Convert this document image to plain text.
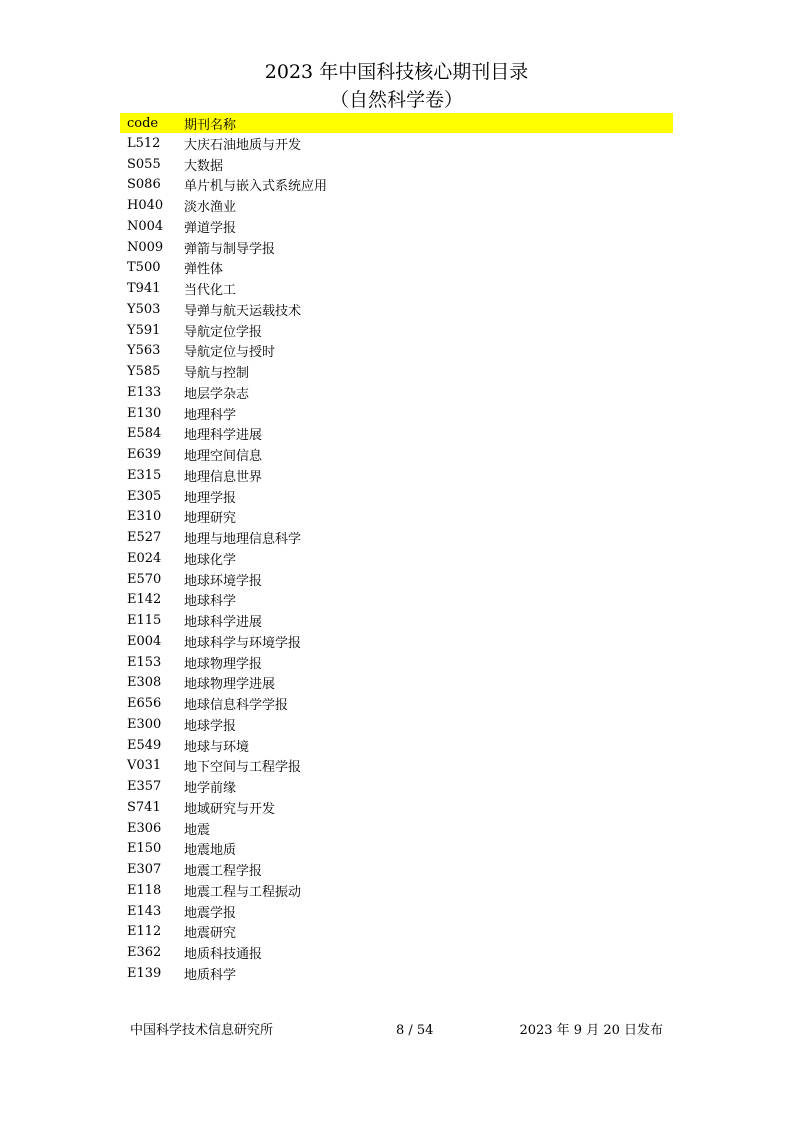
2023 年中国科技核心期刊目录
（自然科学卷）
code	期刊名称
L512	大庆石油地质与开发
S055	大数据
S086	单片机与嵌入式系统应用
H040	淡水渔业
N004	弹道学报
N009	弹箭与制导学报
T500	弹性体
T941	当代化工
Y503	导弹与航天运载技术
Y591	导航定位学报
Y563	导航定位与授时
Y585	导航与控制
E133	地层学杂志
E130	地理科学
E584	地理科学进展
E639	地理空间信息
E315	地理信息世界
E305	地理学报
E310	地理研究
E527	地理与地理信息科学
E024	地球化学
E570	地球环境学报
E142	地球科学
E115	地球科学进展
E004	地球科学与环境学报
E153	地球物理学报
E308	地球物理学进展
E656	地球信息科学学报
E300	地球学报
E549	地球与环境
V031	地下空间与工程学报
E357	地学前缘
S741	地域研究与开发
E306	地震
E150	地震地质
E307	地震工程学报
E118	地震工程与工程振动
E143	地震学报
E112	地震研究
E362	地质科技通报
E139	地质科学
中国科学技术信息研究所	8 / 54	2023 年 9 月 20 日发布
